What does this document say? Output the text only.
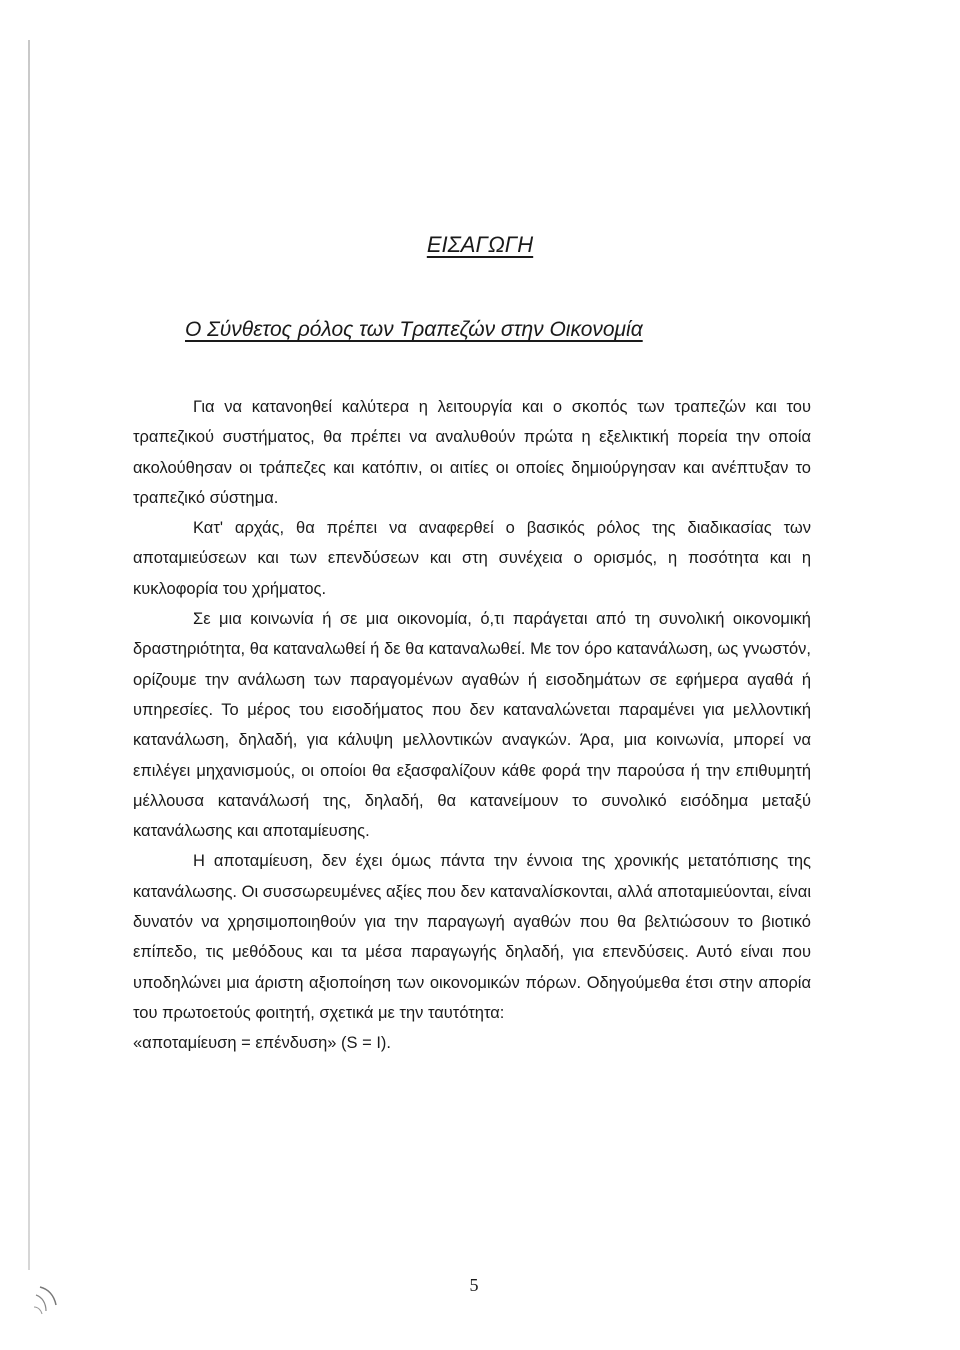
ΕΙΣΑΓΩΓΗ
Ο Σύνθετος ρόλος των Τραπεζών στην Οικονομία

Για να κατανοηθεί καλύτερα η λειτουργία και ο σκοπός των τραπεζών και του τραπεζικού συστήματος, θα πρέπει να αναλυθούν πρώτα η εξελικτική πορεία την οποία ακολούθησαν οι τράπεζες και κατόπιν, οι αιτίες οι οποίες δημιούργησαν και ανέπτυξαν το τραπεζικό σύστημα.

Κατ' αρχάς, θα πρέπει να αναφερθεί ο βασικός ρόλος της διαδικασίας των αποταμιεύσεων και των επενδύσεων και στη συνέχεια ο ορισμός, η ποσότητα και η κυκλοφορία του χρήματος.

Σε μια κοινωνία ή σε μια οικονομία, ό,τι παράγεται από τη συνολική οικονομική δραστηριότητα, θα καταναλωθεί ή δε θα καταναλωθεί. Με τον όρο κατανάλωση, ως γνωστόν, ορίζουμε την ανάλωση των παραγομένων αγαθών ή εισοδημάτων σε εφήμερα αγαθά ή υπηρεσίες. Το μέρος του εισοδήματος που δεν καταναλώνεται παραμένει για μελλοντική κατανάλωση, δηλαδή, για κάλυψη μελλοντικών αναγκών. Άρα, μια κοινωνία, μπορεί να επιλέγει μηχανισμούς, οι οποίοι θα εξασφαλίζουν κάθε φορά την παρούσα ή την επιθυμητή μέλλουσα κατανάλωσή της, δηλαδή, θα κατανείμουν το συνολικό εισόδημα μεταξύ κατανάλωσης και αποταμίευσης.

Η αποταμίευση, δεν έχει όμως πάντα την έννοια της χρονικής μετατόπισης της κατανάλωσης. Οι συσσωρευμένες αξίες που δεν καταναλίσκονται, αλλά αποταμιεύονται, είναι δυνατόν να χρησιμοποιηθούν για την παραγωγή αγαθών που θα βελτιώσουν το βιοτικό επίπεδο, τις μεθόδους και τα μέσα παραγωγής δηλαδή, για επενδύσεις. Αυτό είναι που υποδηλώνει μια άριστη αξιοποίηση των οικονομικών πόρων. Οδηγούμεθα έτσι στην απορία του πρωτοετούς φοιτητή, σχετικά με την ταυτότητα:

«αποταμίευση = επένδυση» (S = I).

5
